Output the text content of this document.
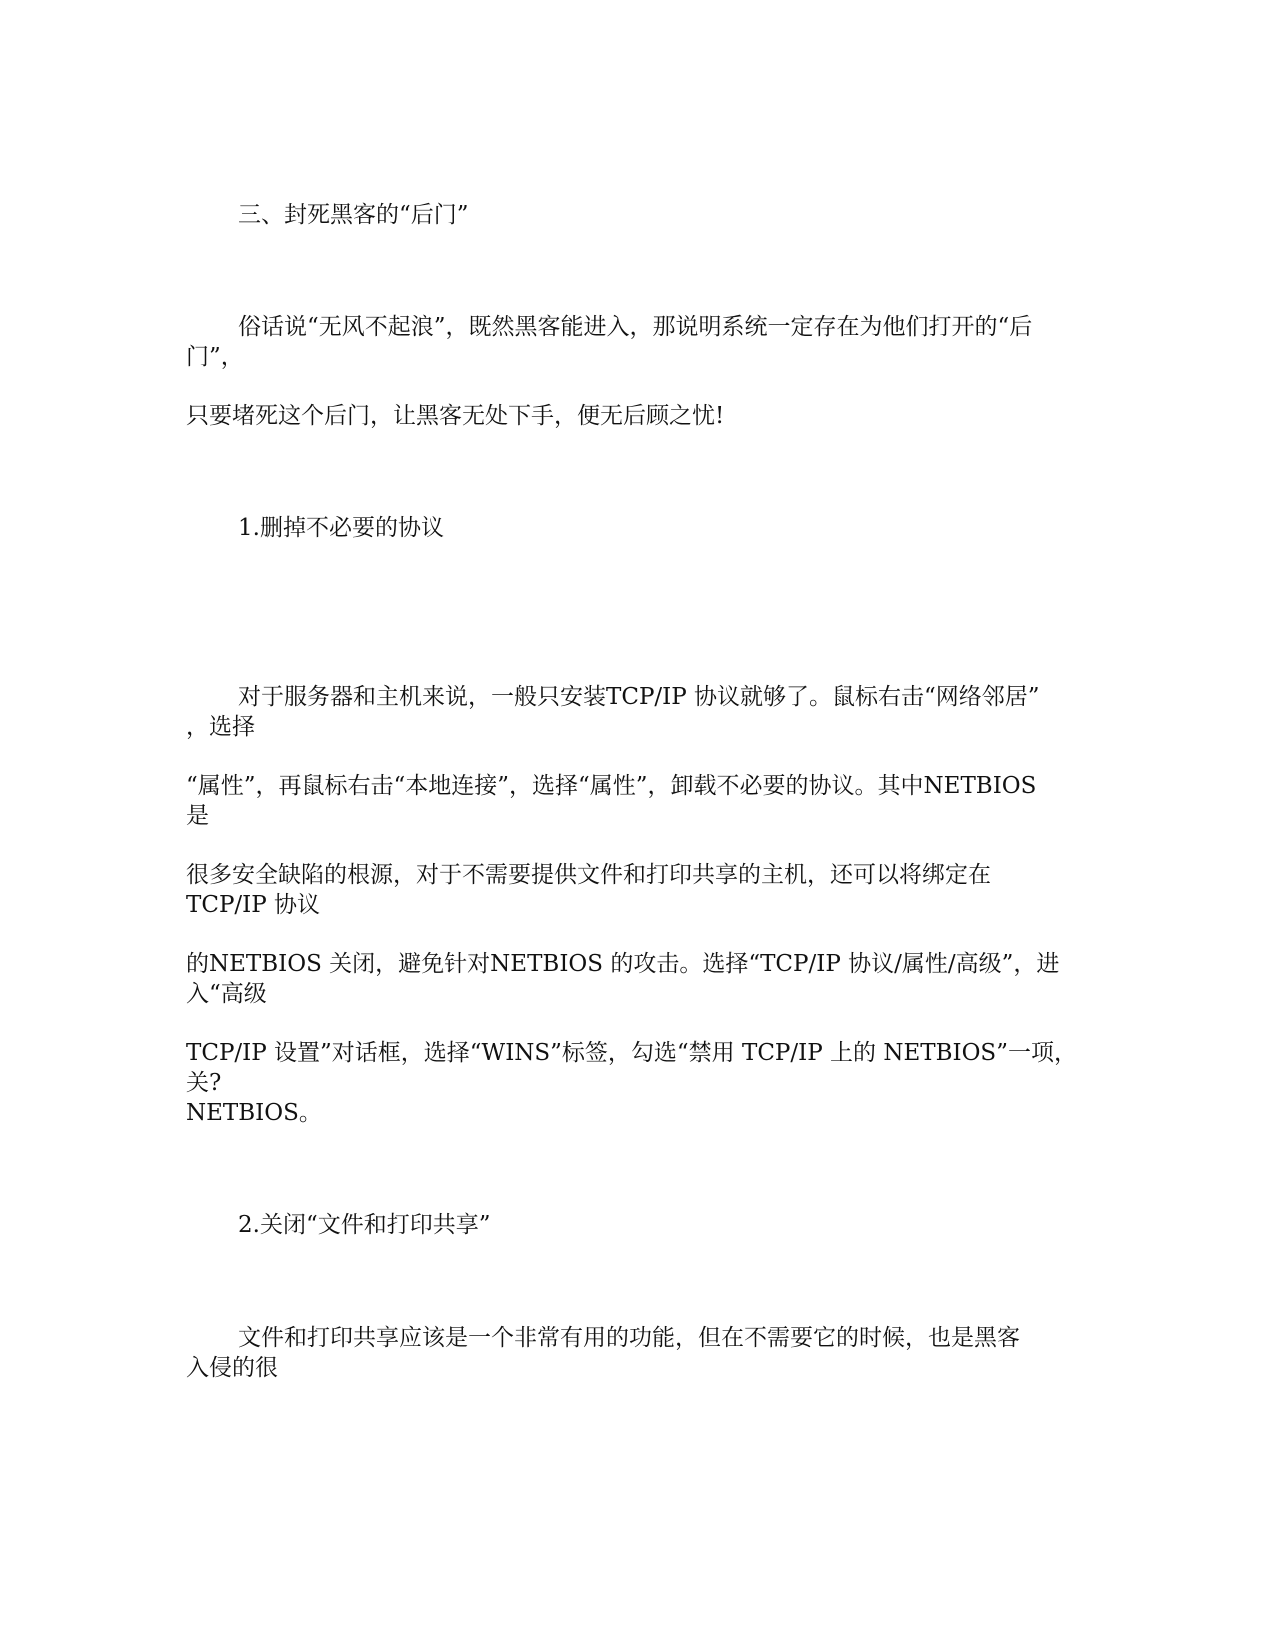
三、封死黑客的“后门”

俗话说“无风不起浪”，既然黑客能进入，那说明系统一定存在为他们打开的“后

门”，

只要堵死这个后门，让黑客无处下手，便无后顾之忧!

1.删掉不必要的协议

对于服务器和主机来说，一般只安装TCP/IP 协议就够了。鼠标右击“网络邻居”

，选择

“属性”，再鼠标右击“本地连接”，选择“属性”，卸载不必要的协议。其中NETBIOS

是

很多安全缺陷的根源，对于不需要提供文件和打印共享的主机，还可以将绑定在

TCP/IP 协议

的NETBIOS 关闭，避免针对NETBIOS 的攻击。选择“TCP/IP 协议/属性/高级”，进

入“高级

TCP/IP 设置”对话框，选择“WINS”标签，勾选“禁用 TCP/IP 上的 NETBIOS”一项，

关?

NETBIOS。

2.关闭“文件和打印共享”

文件和打印共享应该是一个非常有用的功能，但在不需要它的时候，也是黑客

入侵的很
